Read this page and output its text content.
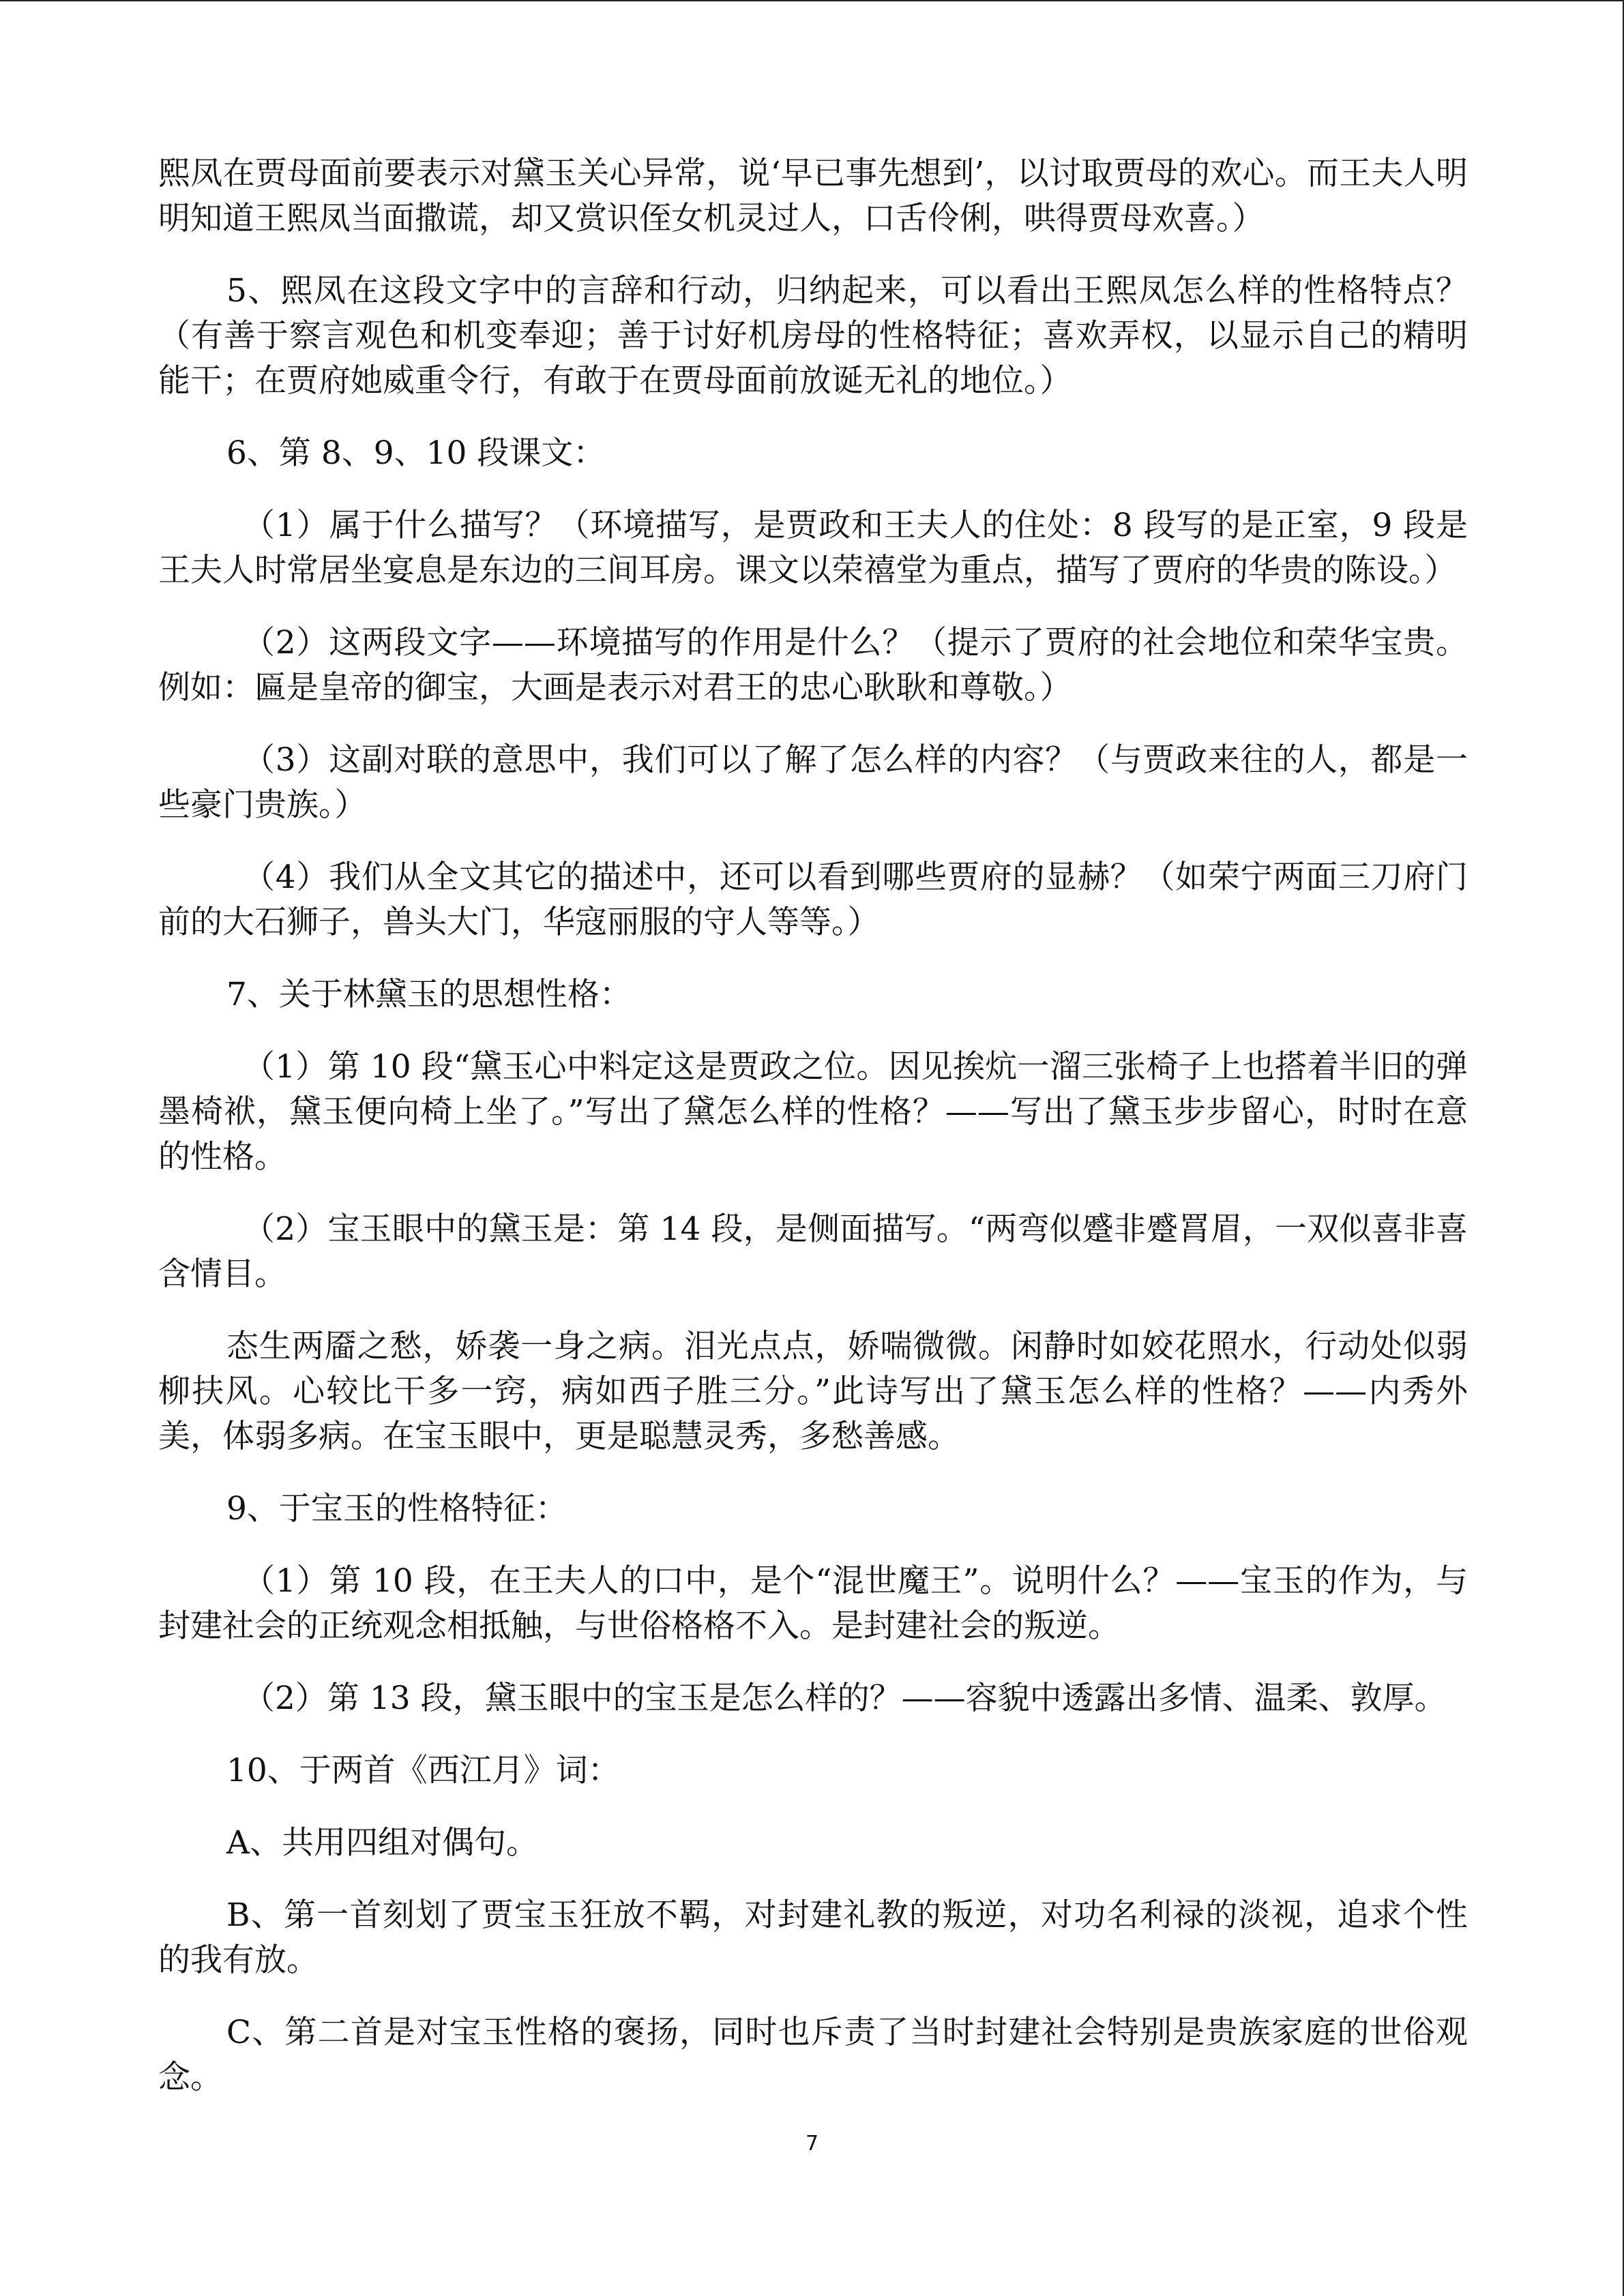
熙凤在贾母面前要表示对黛玉关心异常，说‘早已事先想到’，以讨取贾母的欢心。而王夫人明明知道王熙凤当面撒谎，却又赏识侄女机灵过人，口舌伶俐，哄得贾母欢喜。）

5、熙凤在这段文字中的言辞和行动，归纳起来，可以看出王熙凤怎么样的性格特点？（有善于察言观色和机变奉迎；善于讨好机房母的性格特征；喜欢弄权，以显示自己的精明能干；在贾府她威重令行，有敢于在贾母面前放诞无礼的地位。）

6、第 8、9、10 段课文：

（1）属于什么描写？（环境描写，是贾政和王夫人的住处：8 段写的是正室，9 段是王夫人时常居坐宴息是东边的三间耳房。课文以荣禧堂为重点，描写了贾府的华贵的陈设。）

（2）这两段文字——环境描写的作用是什么？（提示了贾府的社会地位和荣华宝贵。例如：匾是皇帝的御宝，大画是表示对君王的忠心耿耿和尊敬。）

（3）这副对联的意思中，我们可以了解了怎么样的内容？（与贾政来往的人，都是一些豪门贵族。）

（4）我们从全文其它的描述中，还可以看到哪些贾府的显赫？（如荣宁两面三刀府门前的大石狮子，兽头大门，华寇丽服的守人等等。）

7、关于林黛玉的思想性格：

（1）第 10 段“黛玉心中料定这是贾政之位。因见挨炕一溜三张椅子上也搭着半旧的弹墨椅袱，黛玉便向椅上坐了。”写出了黛怎么样的性格？——写出了黛玉步步留心，时时在意的性格。

（2）宝玉眼中的黛玉是：第 14 段，是侧面描写。“两弯似蹙非蹙罥眉，一双似喜非喜含情目。

态生两靥之愁，娇袭一身之病。泪光点点，娇喘微微。闲静时如姣花照水，行动处似弱柳扶风。心较比干多一窍，病如西子胜三分。”此诗写出了黛玉怎么样的性格？——内秀外美，体弱多病。在宝玉眼中，更是聪慧灵秀，多愁善感。

9、于宝玉的性格特征：

（1）第 10 段，在王夫人的口中，是个“混世魔王”。说明什么？——宝玉的作为，与封建社会的正统观念相抵触，与世俗格格不入。是封建社会的叛逆。

（2）第 13 段，黛玉眼中的宝玉是怎么样的？——容貌中透露出多情、温柔、敦厚。

10、于两首《西江月》词：

A、共用四组对偶句。

B、第一首刻划了贾宝玉狂放不羁，对封建礼教的叛逆，对功名利禄的淡视，追求个性的我有放。

C、第二首是对宝玉性格的褒扬，同时也斥责了当时封建社会特别是贵族家庭的世俗观念。

7
